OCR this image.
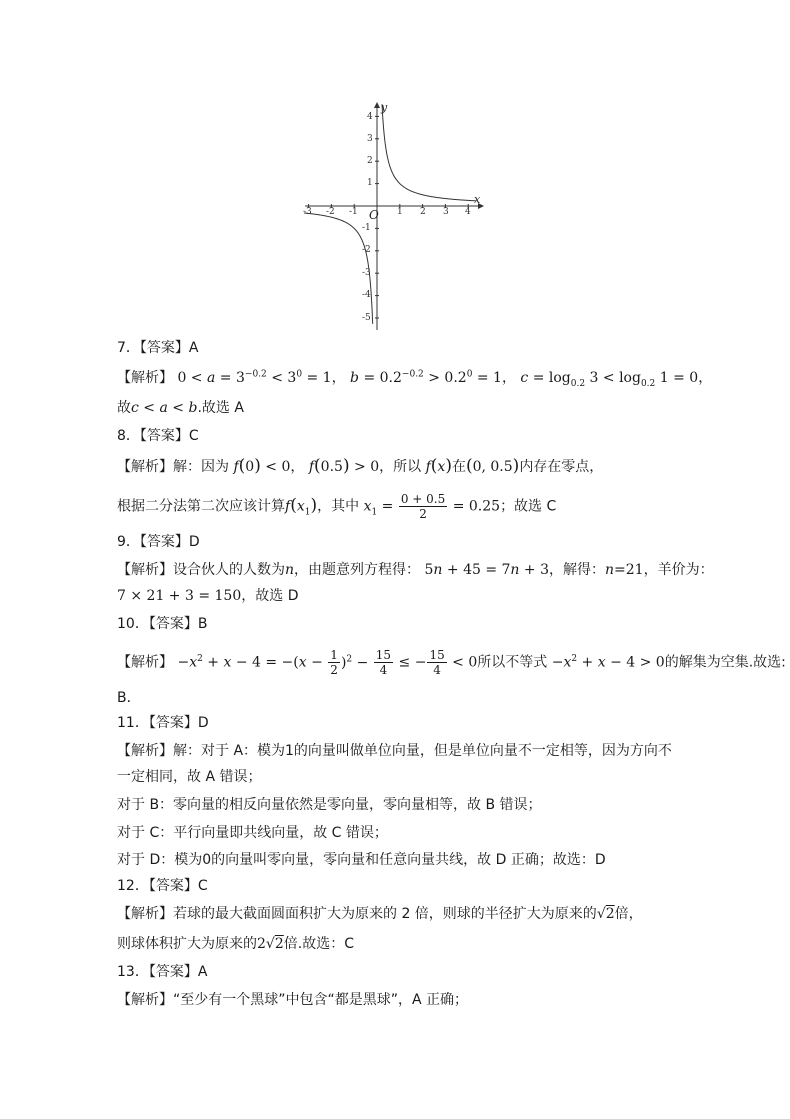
-3 -2 -1	1 2 3 4
4
3
2
1
-1
-2
-3
-4
-5
O
x
y
7．【答案】A
【解析】 $0 < a = 3^{-0.2} < 3^0 = 1$， $b = 0.2^{-0.2} > 0.2^0 = 1$， $c = \log_{0.2} 3 < \log_{0.2} 1 = 0$，
故c < a < b.故选 A
8．【答案】C
【解析】解：因为 f(0) < 0， f(0.5) > 0，所以 f(x)在(0, 0.5)内存在零点，
根据二分法第二次应该计算$f(x_1)$，其中 $x_1 = \frac{0 + 0.5}{2} = 0.25$；故选 C
9．【答案】D
【解析】设合伙人的人数为n，由题意列方程得： 5n + 45 = 7n + 3，解得：n=21，羊价为：
7 × 21 + 3 = 150，故选 D
10．【答案】B
【解析】 $-x^2 + x - 4 = -(x - \frac{1}{2} )^2 - \frac{15}{4}$ ≤ − $\frac{15}{4} < 0$所以不等式 $-x^2 + x - 4 > 0$的解集为空集.故选:
B．
11．【答案】D
【解析】解：对于 A：模为1的向量叫做单位向量，但是单位向量不一定相等，因为方向不
一定相同，故 A 错误；
对于 B：零向量的相反向量依然是零向量，零向量相等，故 B 错误；
对于 C：平行向量即共线向量，故 C 错误；
对于 D：模为0的向量叫零向量，零向量和任意向量共线，故 D 正确；故选：D
12．【答案】C
【解析】若球的最大截面圆面积扩大为原来的 2 倍，则球的半径扩大为原来的√2倍，
则球体积扩大为原来的2√2倍.故选：C
13．【答案】A
【解析】“至少有一个黑球”中包含“都是黑球”，A 正确；
